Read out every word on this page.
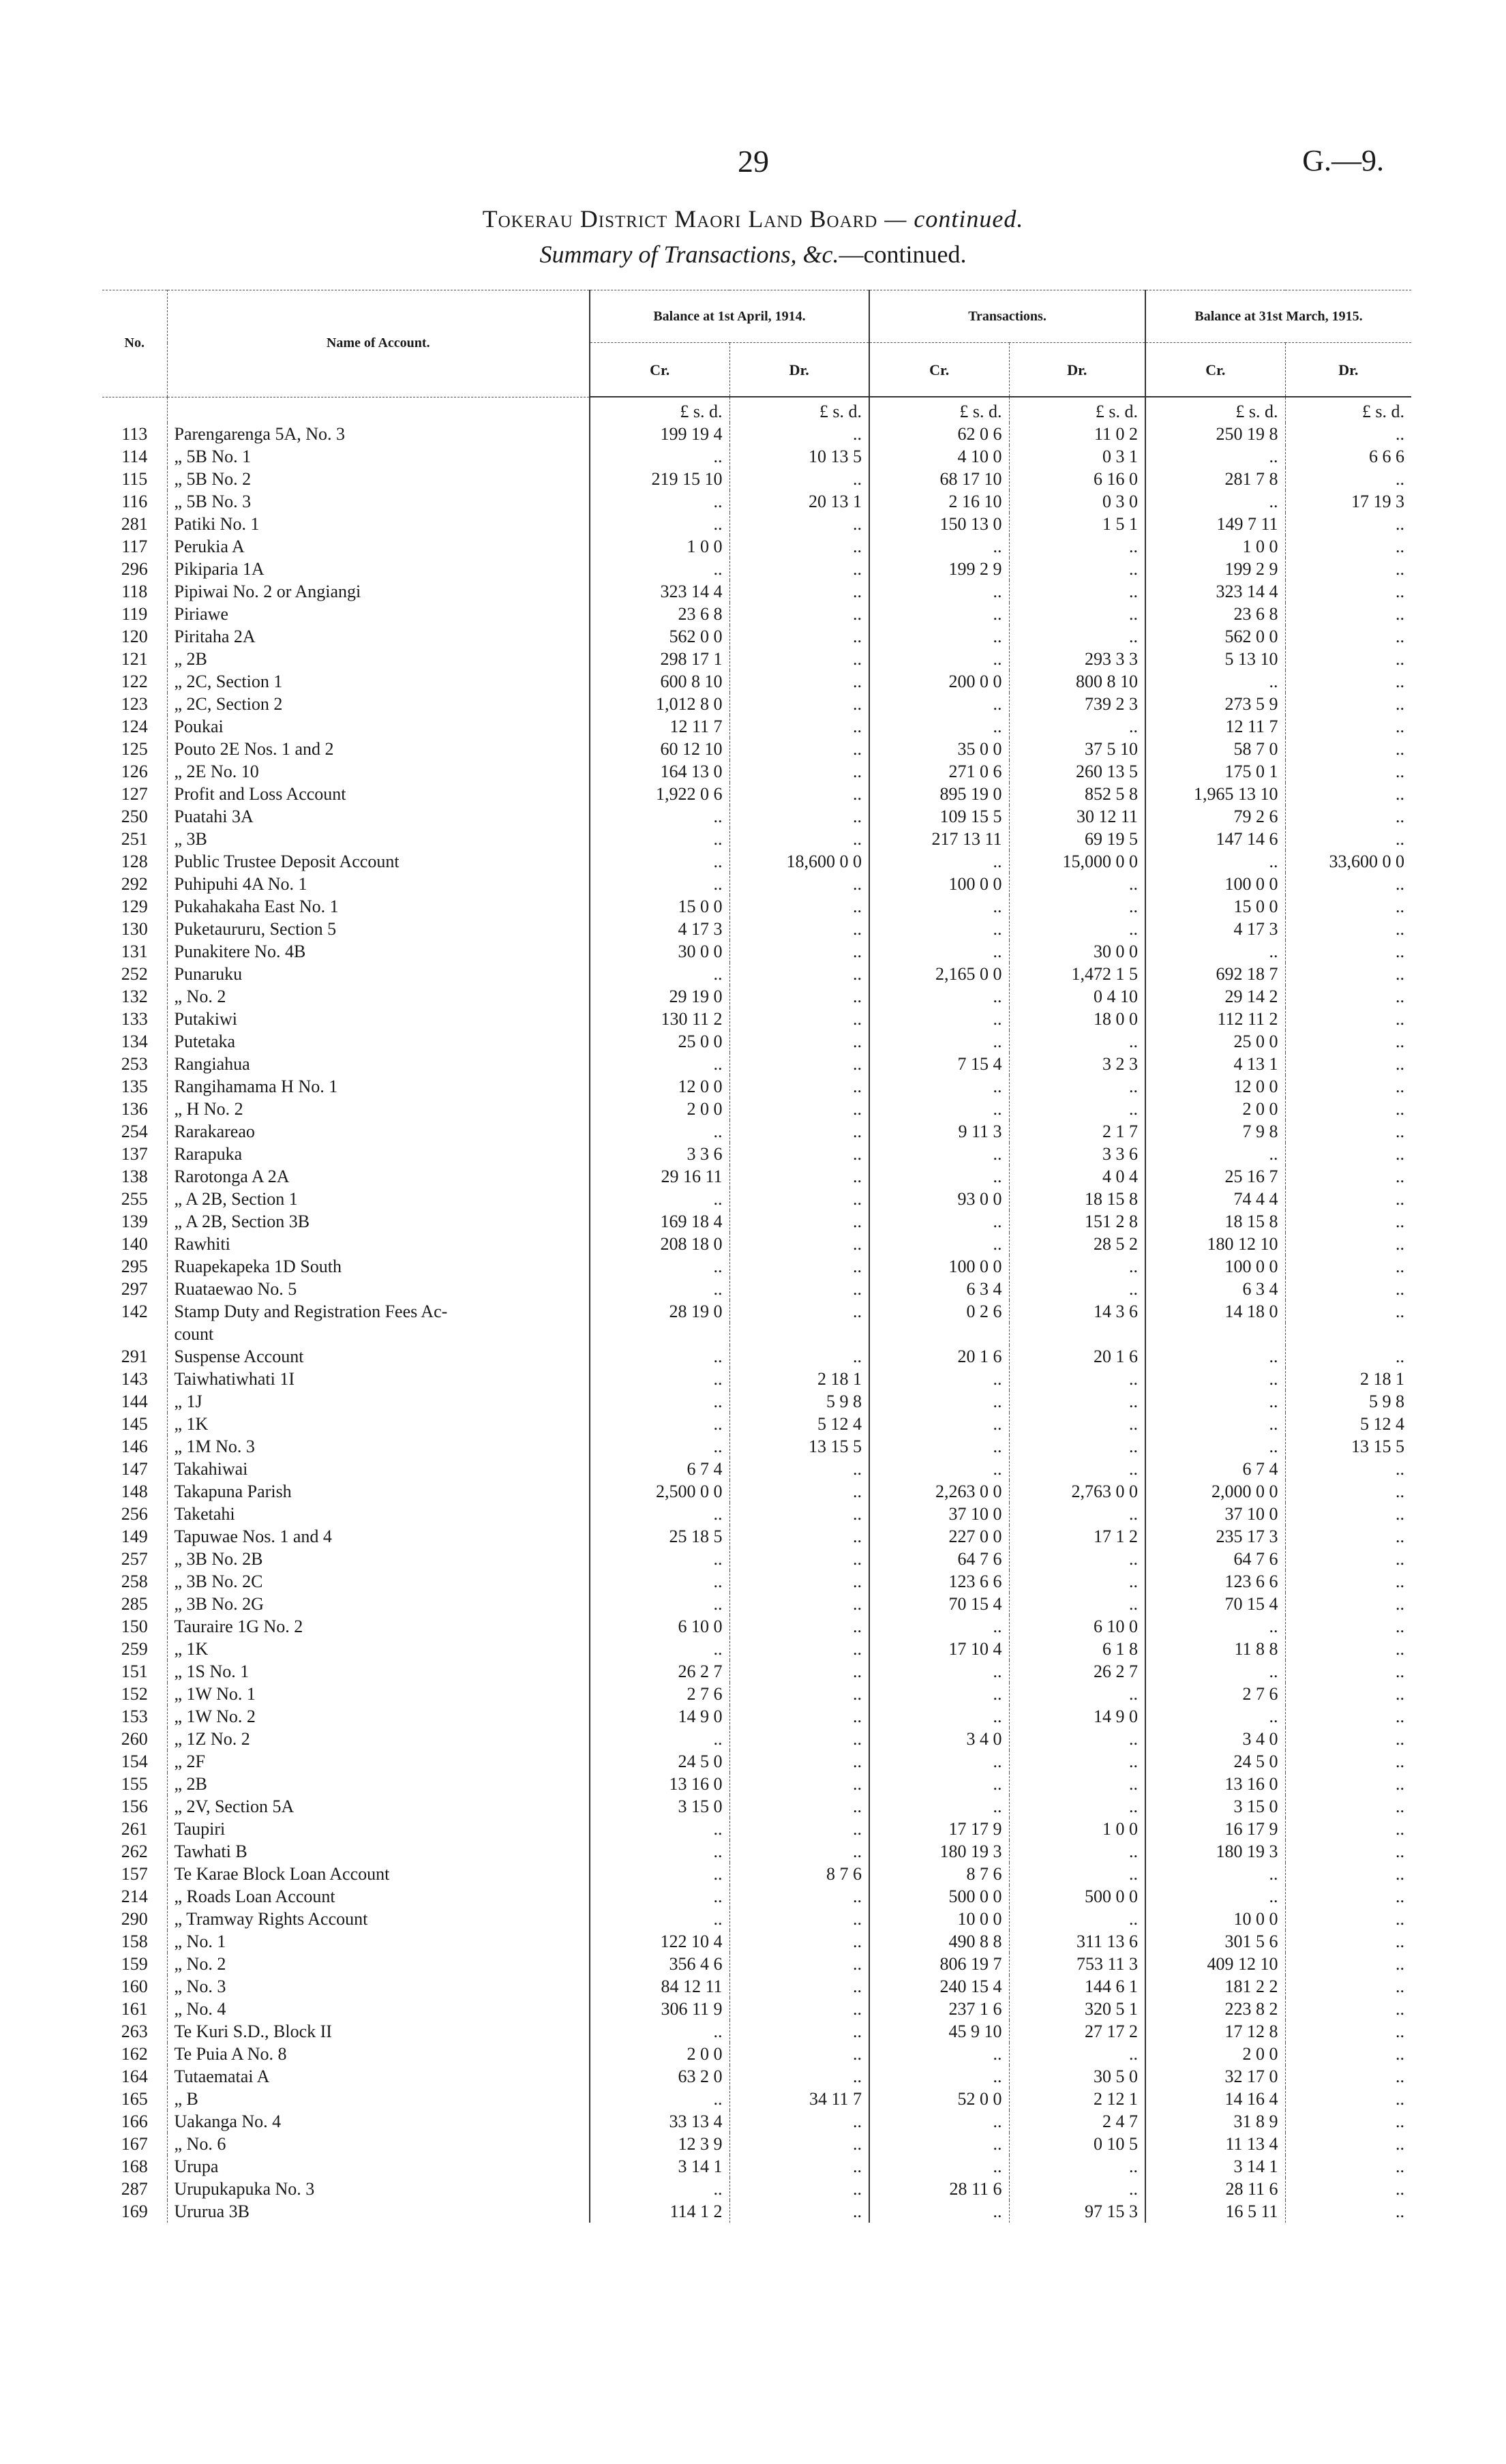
29	G.—9.
Tokerau District Maori Land Board — continued.
Summary of Transactions, &c.—continued.
No.	Name of Account.	Balance at 1st April, 1914.		Transactions.		Balance at 31st March, 1915.	
		Cr.	Dr.	Cr.	Dr.	Cr.	Dr.
		£ s. d.	£ s. d.	£ s. d.	£ s. d.	£ s. d.	£ s. d.
113	Parengarenga 5A, No. 3	199 19 4	..	62 0 6	11 0 2	250 19 8	..
114	„ 5B No. 1	..	10 13 5	4 10 0	0 3 1	..	6 6 6
115	„ 5B No. 2	219 15 10	..	68 17 10	6 16 0	281 7 8	..
116	„ 5B No. 3	..	20 13 1	2 16 10	0 3 0	..	17 19 3
281	Patiki No. 1	..	..	150 13 0	1 5 1	149 7 11	..
117	Perukia A	1 0 0	..	..	..	1 0 0	..
296	Pikiparia 1A	..	..	199 2 9	..	199 2 9	..
118	Pipiwai No. 2 or Angiangi	323 14 4	..	..	..	323 14 4	..
119	Piriawe	23 6 8	..	..	..	23 6 8	..
120	Piritaha 2A	562 0 0	..	..	..	562 0 0	..
121	„ 2B	298 17 1	..	..	293 3 3	5 13 10	..
122	„ 2C, Section 1	600 8 10	..	200 0 0	800 8 10	..	..
123	„ 2C, Section 2	1,012 8 0	..	..	739 2 3	273 5 9	..
124	Poukai	12 11 7	..	..	..	12 11 7	..
125	Pouto 2E Nos. 1 and 2	60 12 10	..	35 0 0	37 5 10	58 7 0	..
126	„ 2E No. 10	164 13 0	..	271 0 6	260 13 5	175 0 1	..
127	Profit and Loss Account	1,922 0 6	..	895 19 0	852 5 8	1,965 13 10	..
250	Puatahi 3A	..	..	109 15 5	30 12 11	79 2 6	..
251	„ 3B	..	..	217 13 11	69 19 5	147 14 6	..
128	Public Trustee Deposit Account	..	18,600 0 0	..	15,000 0 0	..	33,600 0 0
292	Puhipuhi 4A No. 1	..	..	100 0 0	..	100 0 0	..
129	Pukahakaha East No. 1	15 0 0	..	..	..	15 0 0	..
130	Puketaururu, Section 5	4 17 3	..	..	..	4 17 3	..
131	Punakitere No. 4B	30 0 0	..	..	30 0 0	..	..
252	Punaruku	..	..	2,165 0 0	1,472 1 5	692 18 7	..
132	„ No. 2	29 19 0	..	..	0 4 10	29 14 2	..
133	Putakiwi	130 11 2	..	..	18 0 0	112 11 2	..
134	Putetaka	25 0 0	..	..	..	25 0 0	..
253	Rangiahua	..	..	7 15 4	3 2 3	4 13 1	..
135	Rangihamama H No. 1	12 0 0	..	..	..	12 0 0	..
136	„ H No. 2	2 0 0	..	..	..	2 0 0	..
254	Rarakareao	..	..	9 11 3	2 1 7	7 9 8	..
137	Rarapuka	3 3 6	..	..	3 3 6	..	..
138	Rarotonga A 2A	29 16 11	..	..	4 0 4	25 16 7	..
255	„ A 2B, Section 1	..	..	93 0 0	18 15 8	74 4 4	..
139	„ A 2B, Section 3B	169 18 4	..	..	151 2 8	18 15 8	..
140	Rawhiti	208 18 0	..	..	28 5 2	180 12 10	..
295	Ruapekapeka 1D South	..	..	100 0 0	..	100 0 0	..
297	Ruataewao No. 5	..	..	6 3 4	..	6 3 4	..
142	Stamp Duty and Registration Fees Ac-	28 19 0	..	0 2 6	14 3 6	14 18 0	..
	count						
291	Suspense Account	..	..	20 1 6	20 1 6	..	..
143	Taiwhatiwhati 1I	..	2 18 1	..	..	..	2 18 1
144	„ 1J	..	5 9 8	..	..	..	5 9 8
145	„ 1K	..	5 12 4	..	..	..	5 12 4
146	„ 1M No. 3	..	13 15 5	..	..	..	13 15 5
147	Takahiwai	6 7 4	..	..	..	6 7 4	..
148	Takapuna Parish	2,500 0 0	..	2,263 0 0	2,763 0 0	2,000 0 0	..
256	Taketahi	..	..	37 10 0	..	37 10 0	..
149	Tapuwae Nos. 1 and 4	25 18 5	..	227 0 0	17 1 2	235 17 3	..
257	„ 3B No. 2B	..	..	64 7 6	..	64 7 6	..
258	„ 3B No. 2C	..	..	123 6 6	..	123 6 6	..
285	„ 3B No. 2G	..	..	70 15 4	..	70 15 4	..
150	Tauraire 1G No. 2	6 10 0	..	..	6 10 0	..	..
259	„ 1K	..	..	17 10 4	6 1 8	11 8 8	..
151	„ 1S No. 1	26 2 7	..	..	26 2 7	..	..
152	„ 1W No. 1	2 7 6	..	..	..	2 7 6	..
153	„ 1W No. 2	14 9 0	..	..	14 9 0	..	..
260	„ 1Z No. 2	..	..	3 4 0	..	3 4 0	..
154	„ 2F	24 5 0	..	..	..	24 5 0	..
155	„ 2B	13 16 0	..	..	..	13 16 0	..
156	„ 2V, Section 5A	3 15 0	..	..	..	3 15 0	..
261	Taupiri	..	..	17 17 9	1 0 0	16 17 9	..
262	Tawhati B	..	..	180 19 3	..	180 19 3	..
157	Te Karae Block Loan Account	..	8 7 6	8 7 6	..	..	..
214	„ Roads Loan Account	..	..	500 0 0	500 0 0	..	..
290	„ Tramway Rights Account	..	..	10 0 0	..	10 0 0	..
158	„ No. 1	122 10 4	..	490 8 8	311 13 6	301 5 6	..
159	„ No. 2	356 4 6	..	806 19 7	753 11 3	409 12 10	..
160	„ No. 3	84 12 11	..	240 15 4	144 6 1	181 2 2	..
161	„ No. 4	306 11 9	..	237 1 6	320 5 1	223 8 2	..
263	Te Kuri S.D., Block II	..	..	45 9 10	27 17 2	17 12 8	..
162	Te Puia A No. 8	2 0 0	..	..	..	2 0 0	..
164	Tutaematai A	63 2 0	..	..	30 5 0	32 17 0	..
165	„ B	..	34 11 7	52 0 0	2 12 1	14 16 4	..
166	Uakanga No. 4	33 13 4	..	..	2 4 7	31 8 9	..
167	„ No. 6	12 3 9	..	..	0 10 5	11 13 4	..
168	Urupa	3 14 1	..	..	..	3 14 1	..
287	Urupukapuka No. 3	..	..	28 11 6	..	28 11 6	..
169	Ururua 3B	114 1 2	..	..	97 15 3	16 5 11	..
